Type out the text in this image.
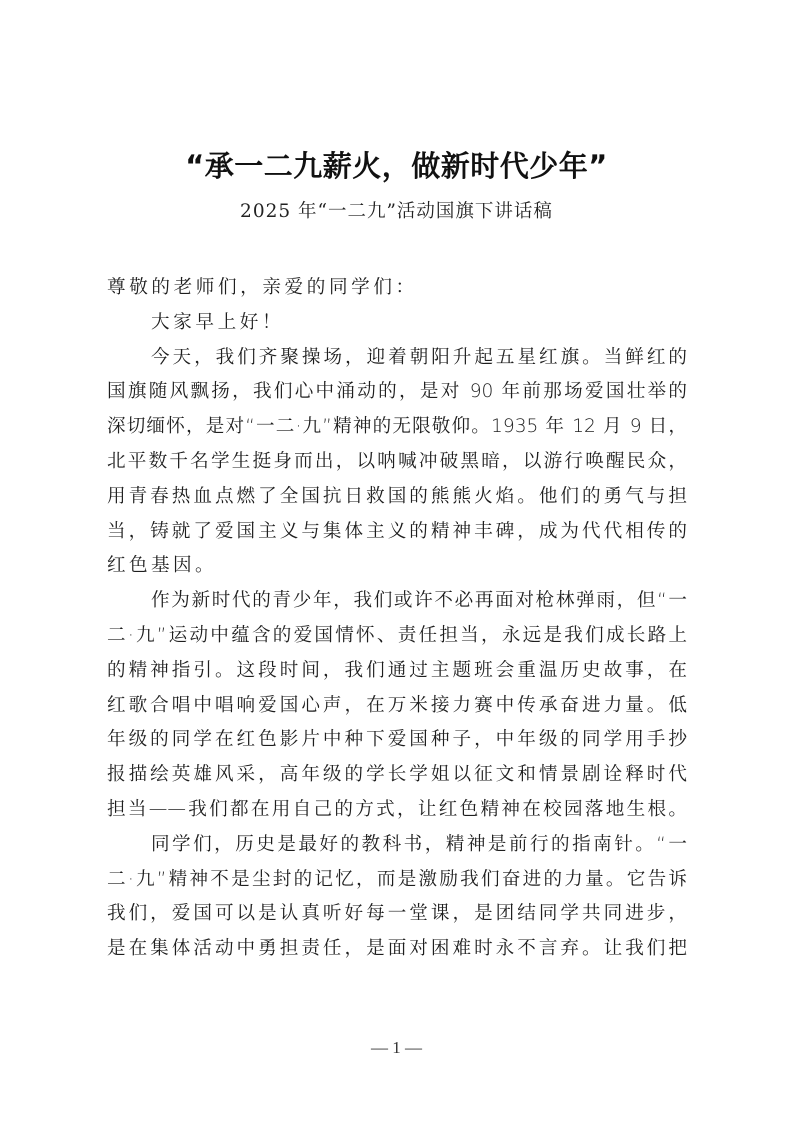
“承一二九薪火，做新时代少年”
2025 年“一二九”活动国旗下讲话稿
尊敬的老师们，亲爱的同学们：
大家早上好！
今天，我们齐聚操场，迎着朝阳升起五星红旗。当鲜红的
国旗随风飘扬，我们心中涌动的，是对 90 年前那场爱国壮举的
深切缅怀，是对“一二·九”精神的无限敬仰。1935 年 12 月 9 日，
北平数千名学生挺身而出，以呐喊冲破黑暗，以游行唤醒民众，
用青春热血点燃了全国抗日救国的熊熊火焰。他们的勇气与担
当，铸就了爱国主义与集体主义的精神丰碑，成为代代相传的
红色基因。
作为新时代的青少年，我们或许不必再面对枪林弹雨，但“一
二·九”运动中蕴含的爱国情怀、责任担当，永远是我们成长路上
的精神指引。这段时间，我们通过主题班会重温历史故事，在
红歌合唱中唱响爱国心声，在万米接力赛中传承奋进力量。低
年级的同学在红色影片中种下爱国种子，中年级的同学用手抄
报描绘英雄风采，高年级的学长学姐以征文和情景剧诠释时代
担当——我们都在用自己的方式，让红色精神在校园落地生根。
同学们，历史是最好的教科书，精神是前行的指南针。“一
二·九”精神不是尘封的记忆，而是激励我们奋进的力量。它告诉
我们，爱国可以是认真听好每一堂课，是团结同学共同进步，
是在集体活动中勇担责任，是面对困难时永不言弃。让我们把
— 1 —
